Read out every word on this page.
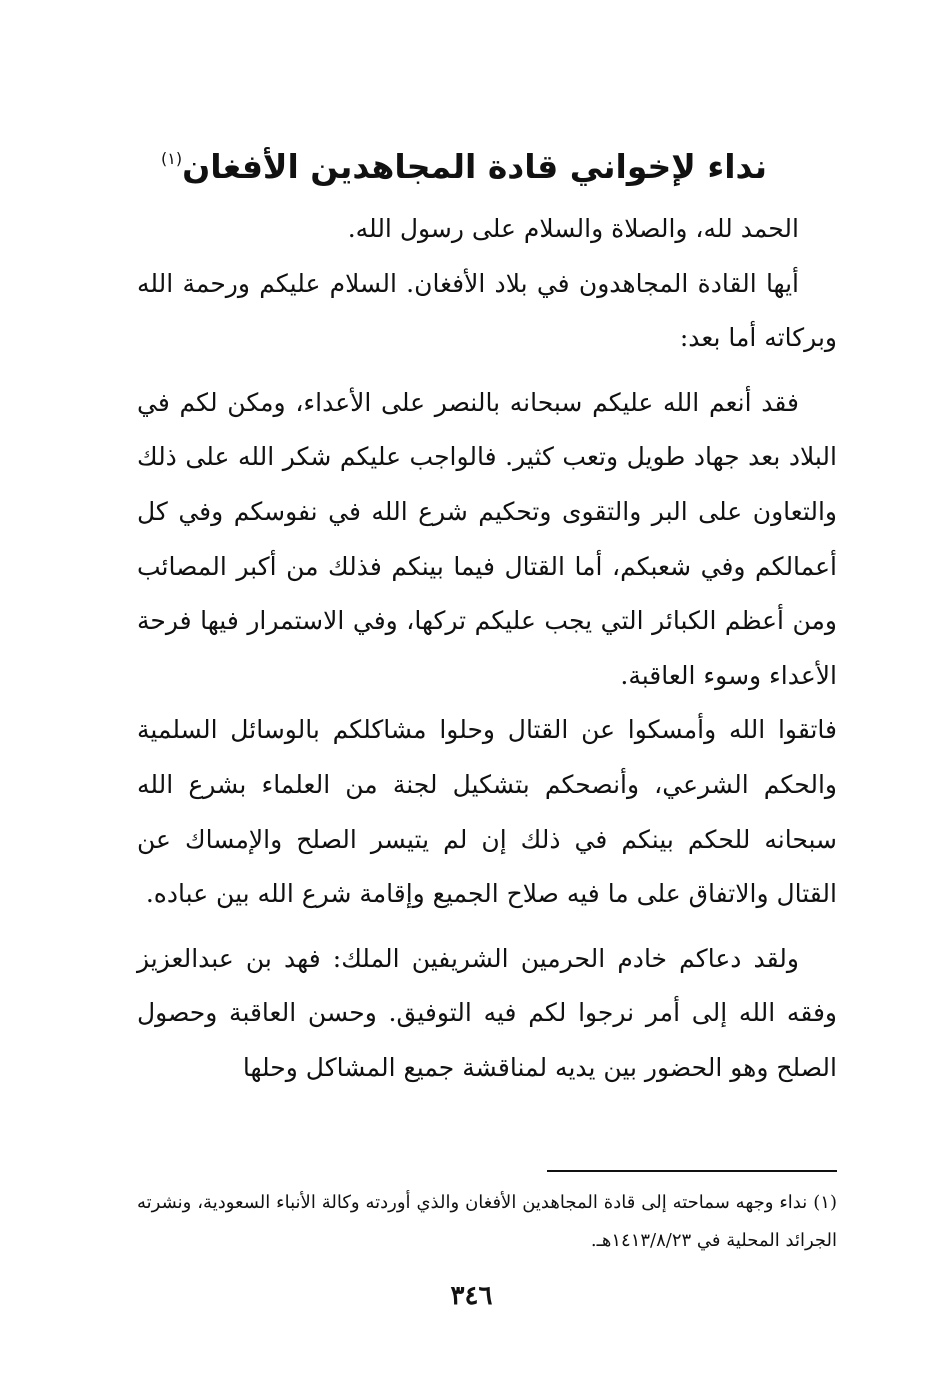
نداء لإخواني قادة المجاهدين الأفغان$^{(١)}$

الحمد لله، والصلاة والسلام على رسول الله.

أيها القادة المجاهدون في بلاد الأفغان. السلام عليكم ورحمة الله وبركاته أما بعد:

فقد أنعم الله عليكم سبحانه بالنصر على الأعداء، ومكن لكم في البلاد بعد جهاد طويل وتعب كثير. فالواجب عليكم شكر الله على ذلك والتعاون على البر والتقوى وتحكيم شرع الله في نفوسكم وفي كل أعمالكم وفي شعبكم، أما القتال فيما بينكم فذلك من أكبر المصائب ومن أعظم الكبائر التي يجب عليكم تركها، وفي الاستمرار فيها فرحة الأعداء وسوء العاقبة.

فاتقوا الله وأمسكوا عن القتال وحلوا مشاكلكم بالوسائل السلمية والحكم الشرعي، وأنصحكم بتشكيل لجنة من العلماء بشرع الله سبحانه للحكم بينكم في ذلك إن لم يتيسر الصلح والإمساك عن القتال والاتفاق على ما فيه صلاح الجميع وإقامة شرع الله بين عباده.

ولقد دعاكم خادم الحرمين الشريفين الملك: فهد بن عبدالعزيز وفقه الله إلى أمر نرجوا لكم فيه التوفيق. وحسن العاقبة وحصول الصلح وهو الحضور بين يديه لمناقشة جميع المشاكل وحلها

(١)نداء وجهه سماحته إلى قادة المجاهدين الأفغان والذي أوردته وكالة الأنباء السعودية، ونشرته الجرائد المحلية في ١٤١٣/٨/٢٣هـ.

٣٤٦
